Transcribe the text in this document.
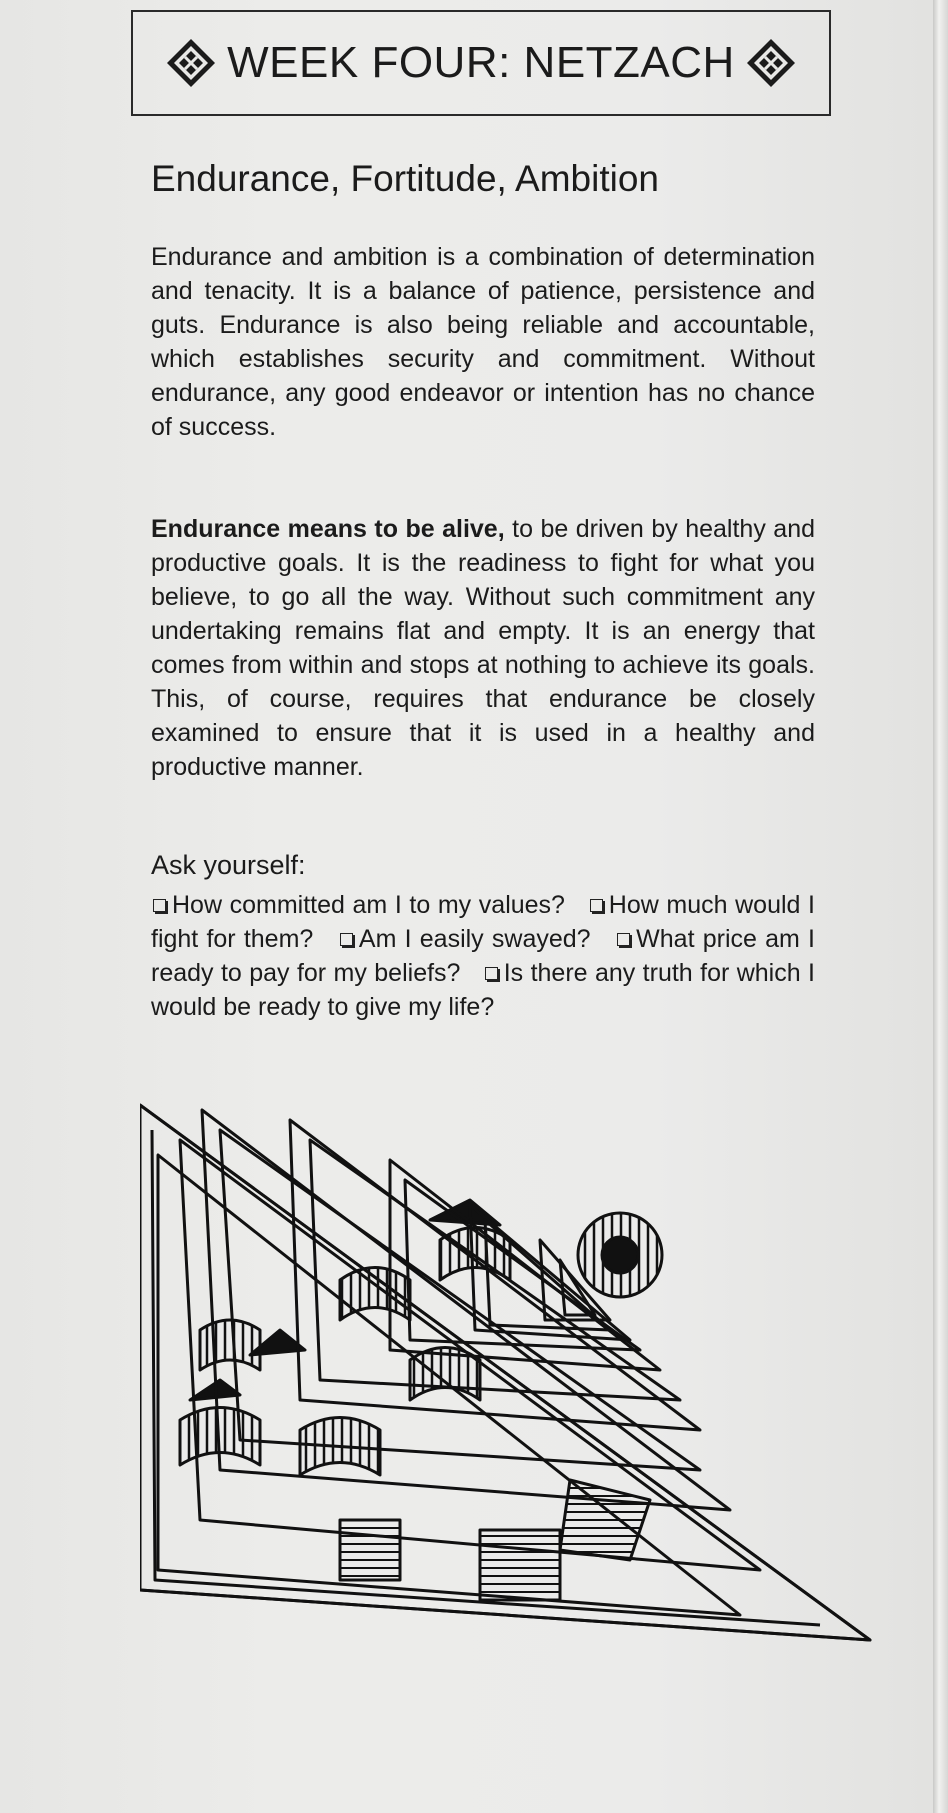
WEEK FOUR: NETZACH
Endurance, Fortitude, Ambition
Endurance and ambition is a combination of determination and tenacity. It is a balance of patience, persistence and guts. Endurance is also being reliable and accountable, which establishes security and commitment. Without endurance, any good endeavor or intention has no chance of success.
Endurance means to be alive, to be driven by healthy and productive goals. It is the readiness to fight for what you believe, to go all the way. Without such commitment any undertaking remains flat and empty. It is an energy that comes from within and stops at nothing to achieve its goals. This, of course, requires that endurance be closely examined to ensure that it is used in a healthy and productive manner.
Ask yourself:
How committed am I to my values? How much would I fight for them? Am I easily swayed? What price am I ready to pay for my beliefs? Is there any truth for which I would be ready to give my life?
